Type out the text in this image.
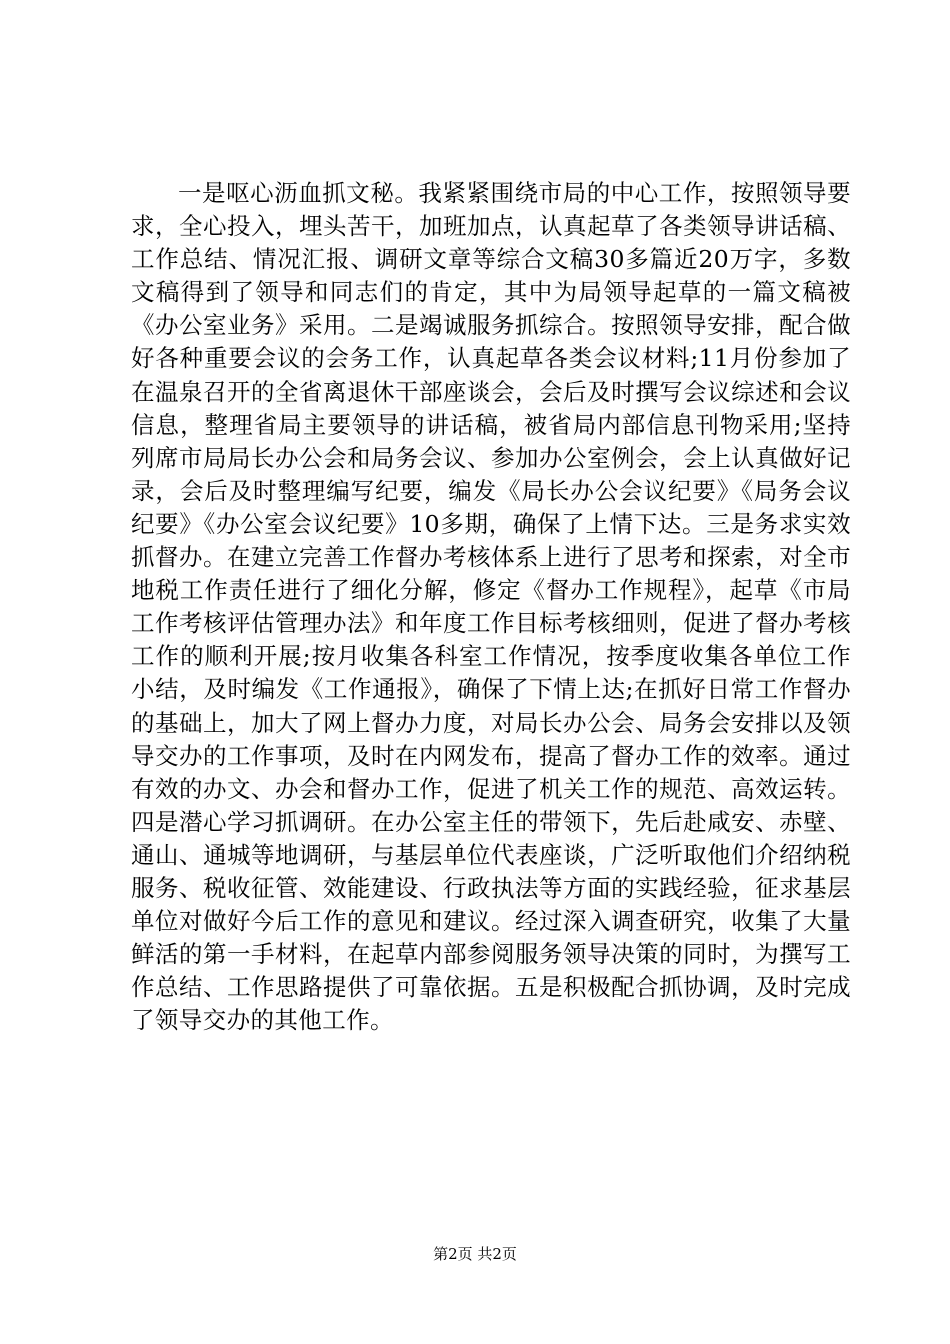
一是呕心沥血抓文秘。我紧紧围绕市局的中心工作，按照领导要求，全心投入，埋头苦干，加班加点，认真起草了各类领导讲话稿、工作总结、情况汇报、调研文章等综合文稿30多篇近20万字，多数文稿得到了领导和同志们的肯定，其中为局领导起草的一篇文稿被《办公室业务》采用。二是竭诚服务抓综合。按照领导安排，配合做好各种重要会议的会务工作，认真起草各类会议材料;11月份参加了在温泉召开的全省离退休干部座谈会，会后及时撰写会议综述和会议信息，整理省局主要领导的讲话稿，被省局内部信息刊物采用;坚持列席市局局长办公会和局务会议、参加办公室例会，会上认真做好记录，会后及时整理编写纪要，编发《局长办公会议纪要》《局务会议纪要》《办公室会议纪要》10多期，确保了上情下达。三是务求实效抓督办。在建立完善工作督办考核体系上进行了思考和探索，对全市地税工作责任进行了细化分解，修定《督办工作规程》，起草《市局工作考核评估管理办法》和年度工作目标考核细则，促进了督办考核工作的顺利开展;按月收集各科室工作情况，按季度收集各单位工作小结，及时编发《工作通报》，确保了下情上达;在抓好日常工作督办的基础上，加大了网上督办力度，对局长办公会、局务会安排以及领导交办的工作事项，及时在内网发布，提高了督办工作的效率。通过有效的办文、办会和督办工作，促进了机关工作的规范、高效运转。四是潜心学习抓调研。在办公室主任的带领下，先后赴咸安、赤壁、通山、通城等地调研，与基层单位代表座谈，广泛听取他们介绍纳税服务、税收征管、效能建设、行政执法等方面的实践经验，征求基层单位对做好今后工作的意见和建议。经过深入调查研究，收集了大量鲜活的第一手材料，在起草内部参阅服务领导决策的同时，为撰写工作总结、工作思路提供了可靠依据。五是积极配合抓协调，及时完成了领导交办的其他工作。

第2页 共2页
